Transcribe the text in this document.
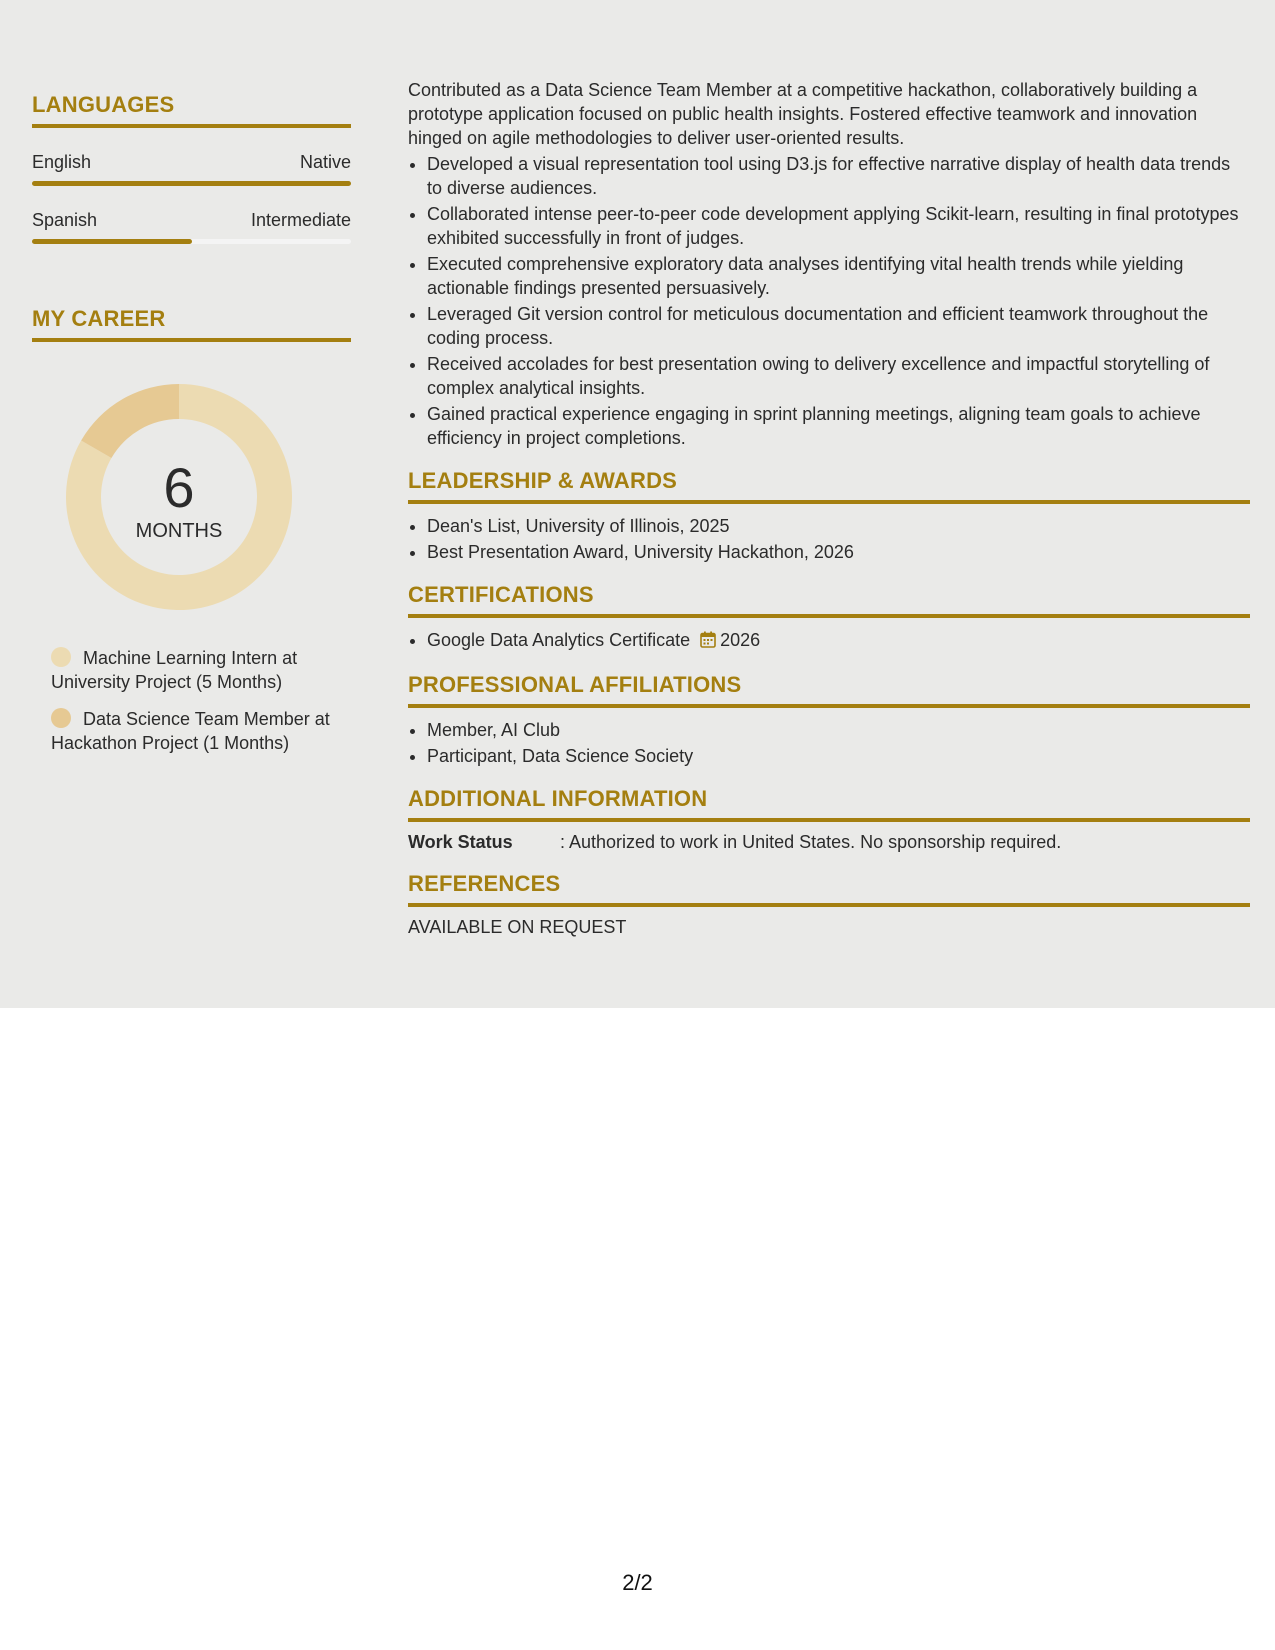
LANGUAGES
English	Native
Spanish	Intermediate
MY CAREER
6
MONTHS
Machine Learning Intern at University Project (5 Months)
Data Science Team Member at Hackathon Project (1 Months)

Contributed as a Data Science Team Member at a competitive hackathon, collaboratively building a prototype application focused on public health insights. Fostered effective teamwork and innovation hinged on agile methodologies to deliver user-oriented results.

• Developed a visual representation tool using D3.js for effective narrative display of health data trends to diverse audiences.
• Collaborated intense peer-to-peer code development applying Scikit-learn, resulting in final prototypes exhibited successfully in front of judges.
• Executed comprehensive exploratory data analyses identifying vital health trends while yielding actionable findings presented persuasively.
• Leveraged Git version control for meticulous documentation and efficient teamwork throughout the coding process.
• Received accolades for best presentation owing to delivery excellence and impactful storytelling of complex analytical insights.
• Gained practical experience engaging in sprint planning meetings, aligning team goals to achieve efficiency in project completions.
LEADERSHIP & AWARDS
• Dean's List, University of Illinois, 2025
• Best Presentation Award, University Hackathon, 2026
CERTIFICATIONS
• Google Data Analytics Certificate 2026
PROFESSIONAL AFFILIATIONS
• Member, AI Club
• Participant, Data Science Society
ADDITIONAL INFORMATION
Work Status	: Authorized to work in United States. No sponsorship required.
REFERENCES
AVAILABLE ON REQUEST
2/2
